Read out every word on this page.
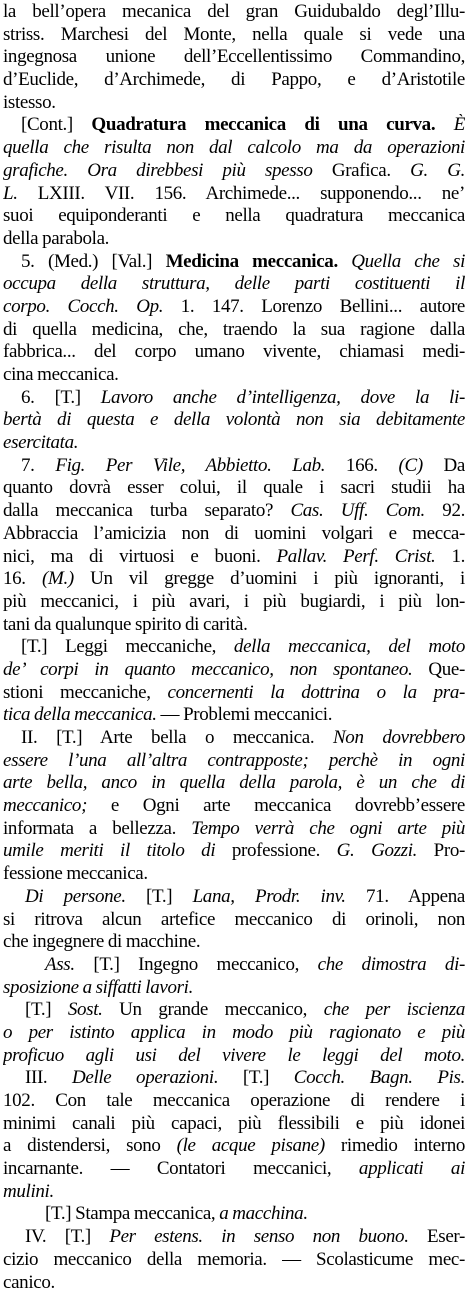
la bell’opera mecanica del gran Guidubaldo degl’Illu-
striss. Marchesi del Monte, nella quale si vede una
ingegnosa unione dell’Eccellentissimo Commandino,
d’Euclide, d’Archimede, di Pappo, e d’Aristotile
istesso.
[Cont.] Quadratura meccanica di una curva. È
quella che risulta non dal calcolo ma da operazioni
grafiche. Ora direbbesi più spesso Grafica. G. G.
L. LXIII. VII. 156. Archimede... supponendo... ne’
suoi equiponderanti e nella quadratura meccanica
della parabola.
5. (Med.) [Val.] Medicina meccanica. Quella che si
occupa della struttura, delle parti costituenti il
corpo. Cocch. Op. 1. 147. Lorenzo Bellini... autore
di quella medicina, che, traendo la sua ragione dalla
fabbrica... del corpo umano vivente, chiamasi medi-
cina meccanica.
6. [T.] Lavoro anche d’intelligenza, dove la li-
bertà di questa e della volontà non sia debitamente
esercitata.
7. Fig. Per Vile, Abbietto. Lab. 166. (C) Da
quanto dovrà esser colui, il quale i sacri studii ha
dalla meccanica turba separato? Cas. Uff. Com. 92.
Abbraccia l’amicizia non di uomini volgari e mecca-
nici, ma di virtuosi e buoni. Pallav. Perf. Crist. 1.
16. (M.) Un vil gregge d’uomini i più ignoranti, i
più meccanici, i più avari, i più bugiardi, i più lon-
tani da qualunque spirito di carità.
[T.] Leggi meccaniche, della meccanica, del moto
de’ corpi in quanto meccanico, non spontaneo. Que-
stioni meccaniche, concernenti la dottrina o la pra-
tica della meccanica. — Problemi meccanici.
II. [T.] Arte bella o meccanica. Non dovrebbero
essere l’una all’altra contrapposte; perchè in ogni
arte bella, anco in quella della parola, è un che di
meccanico; e Ogni arte meccanica dovrebb’essere
informata a bellezza. Tempo verrà che ogni arte più
umile meriti il titolo di professione. G. Gozzi. Pro-
fessione meccanica.
Di persone. [T.] Lana, Prodr. inv. 71. Appena
si ritrova alcun artefice meccanico di orinoli, non
che ingegnere di macchine.
Ass. [T.] Ingegno meccanico, che dimostra di-
sposizione a siffatti lavori.
[T.] Sost. Un grande meccanico, che per iscienza
o per istinto applica in modo più ragionato e più
proficuo agli usi del vivere le leggi del moto.
III. Delle operazioni. [T.] Cocch. Bagn. Pis.
102. Con tale meccanica operazione di rendere i
minimi canali più capaci, più flessibili e più idonei
a distendersi, sono (le acque pisane) rimedio interno
incarnante. — Contatori meccanici, applicati ai
mulini.
[T.] Stampa meccanica, a macchina.
IV. [T.] Per estens. in senso non buono. Eser-
cizio meccanico della memoria. — Scolasticume mec-
canico.
